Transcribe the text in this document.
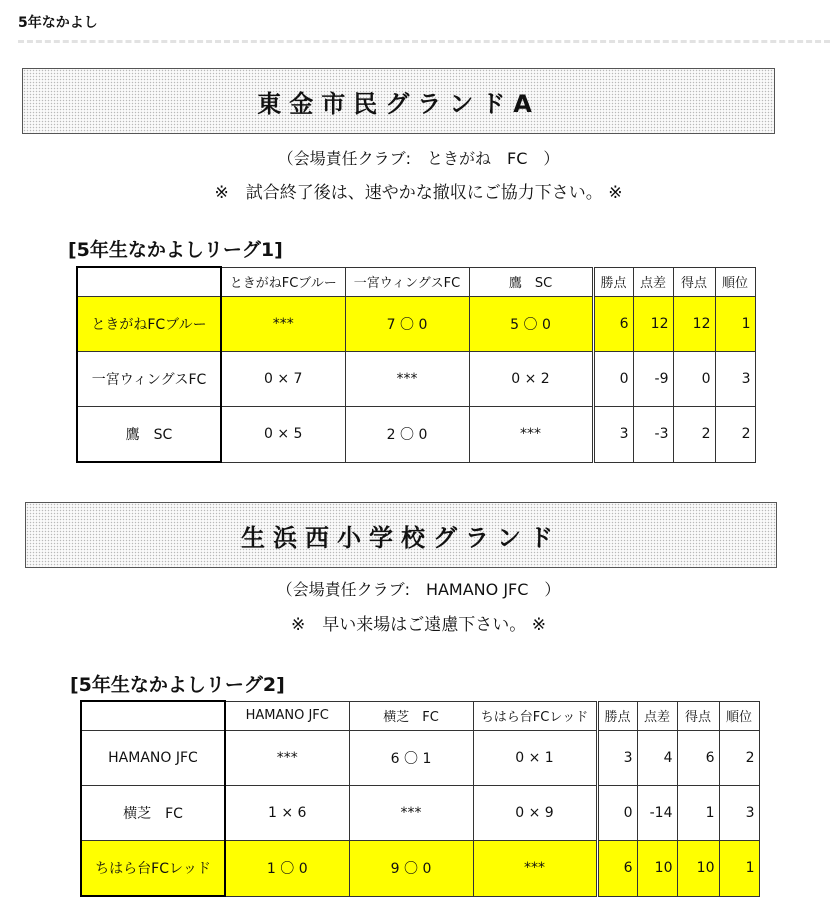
5年なかよし
東金市民グランドA
（会場責任クラブ:　ときがね　FC　）
※　試合終了後は、速やかな撤収にご協力下さい。 ※
[5年生なかよしリーグ1]
	ときがねFCブルー	一宮ウィングスFC	鷹　SC	勝点	点差	得点	順位
ときがねFCブルー	***	7 〇 0	5 〇 0	6	12	12	1
一宮ウィングスFC	0 × 7	***	0 × 2	0	-9	0	3
鷹　SC	0 × 5	2 〇 0	***	3	-3	2	2
生浜西小学校グランド
（会場責任クラブ:　HAMANO JFC　）
※　早い来場はご遠慮下さい。 ※
[5年生なかよしリーグ2]
	HAMANO JFC	横芝　FC	ちはら台FCレッド	勝点	点差	得点	順位
HAMANO JFC	***	6 〇 1	0 × 1	3	4	6	2
横芝　FC	1 × 6	***	0 × 9	0	-14	1	3
ちはら台FCレッド	1 〇 0	9 〇 0	***	6	10	10	1
